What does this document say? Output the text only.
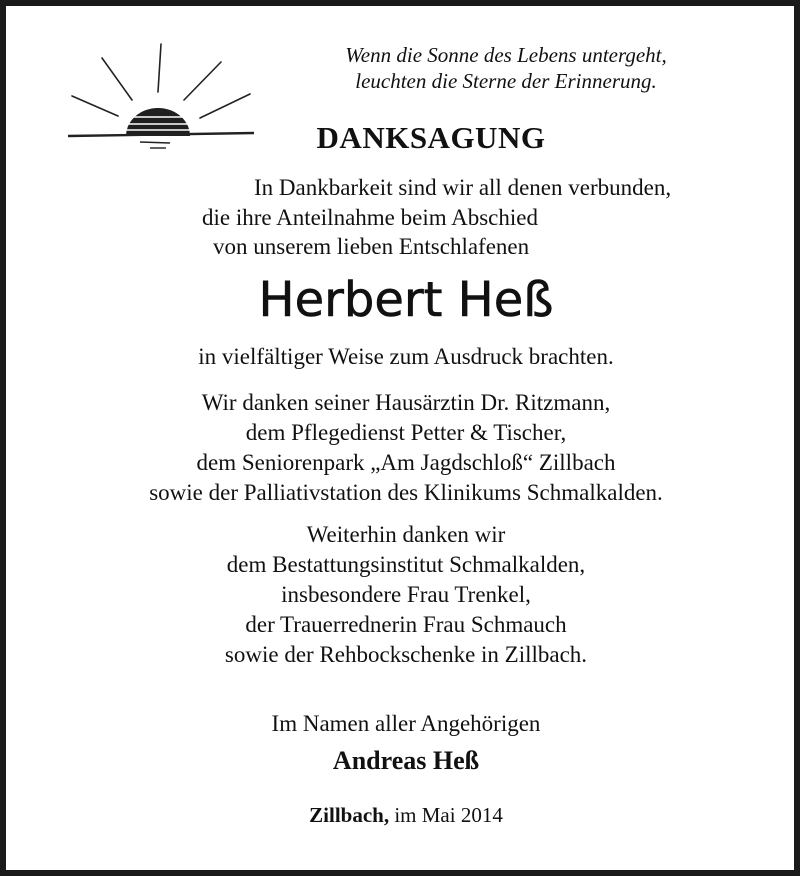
Wenn die Sonne des Lebens untergeht,
leuchten die Sterne der Erinnerung.
DANKSAGUNG
In Dankbarkeit sind wir all denen verbunden,
die ihre Anteilnahme beim Abschied
von unserem lieben Entschlafenen
Herbert Heß
in vielfältiger Weise zum Ausdruck brachten.
Wir danken seiner Hausärztin Dr. Ritzmann,
dem Pflegedienst Petter & Tischer,
dem Seniorenpark „Am Jagdschloß“ Zillbach
sowie der Palliativstation des Klinikums Schmalkalden.
Weiterhin danken wir
dem Bestattungsinstitut Schmalkalden,
insbesondere Frau Trenkel,
der Trauerrednerin Frau Schmauch
sowie der Rehbockschenke in Zillbach.
Im Namen aller Angehörigen
Andreas Heß
Zillbach, im Mai 2014
